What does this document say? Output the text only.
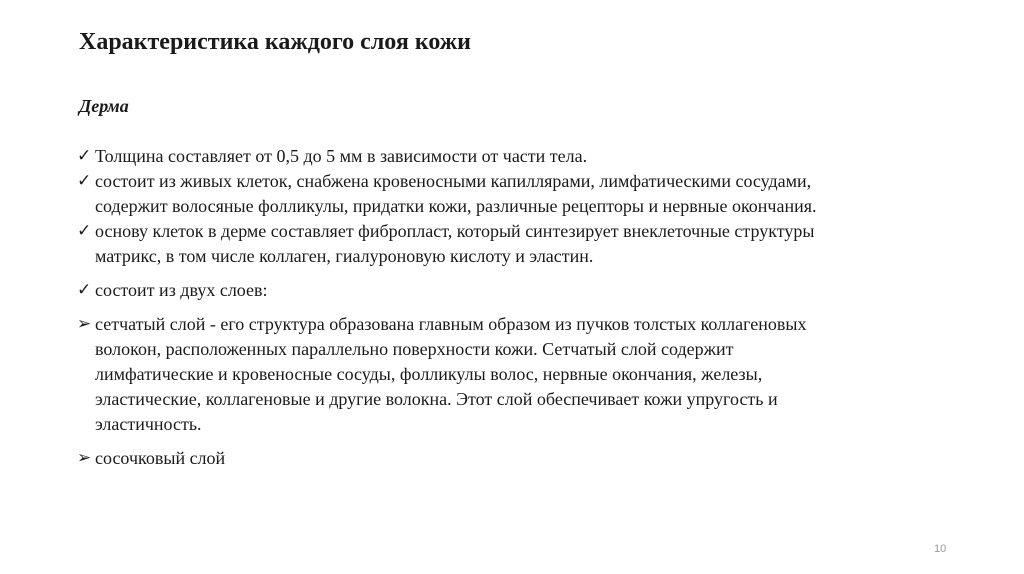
Характеристика каждого слоя кожи
Дерма
✓ Толщина составляет от 0,5 до 5 мм в зависимости от части тела.
✓ состоит из живых клеток, снабжена кровеносными капиллярами, лимфатическими сосудами,
содержит волосяные фолликулы, придатки кожи, различные рецепторы и нервные окончания.
✓ основу клеток в дерме составляет фибропласт, который синтезирует внеклеточные структуры
матрикс, в том числе коллаген, гиалуроновую кислоту и эластин.
✓ состоит из двух слоев:
➢ сетчатый слой - его структура образована главным образом из пучков толстых коллагеновых
волокон, расположенных параллельно поверхности кожи. Сетчатый слой содержит
лимфатические и кровеносные сосуды, фолликулы волос, нервные окончания, железы,
эластические, коллагеновые и другие волокна. Этот слой обеспечивает кожи упругость и
эластичность.
➢ сосочковый слой
10
